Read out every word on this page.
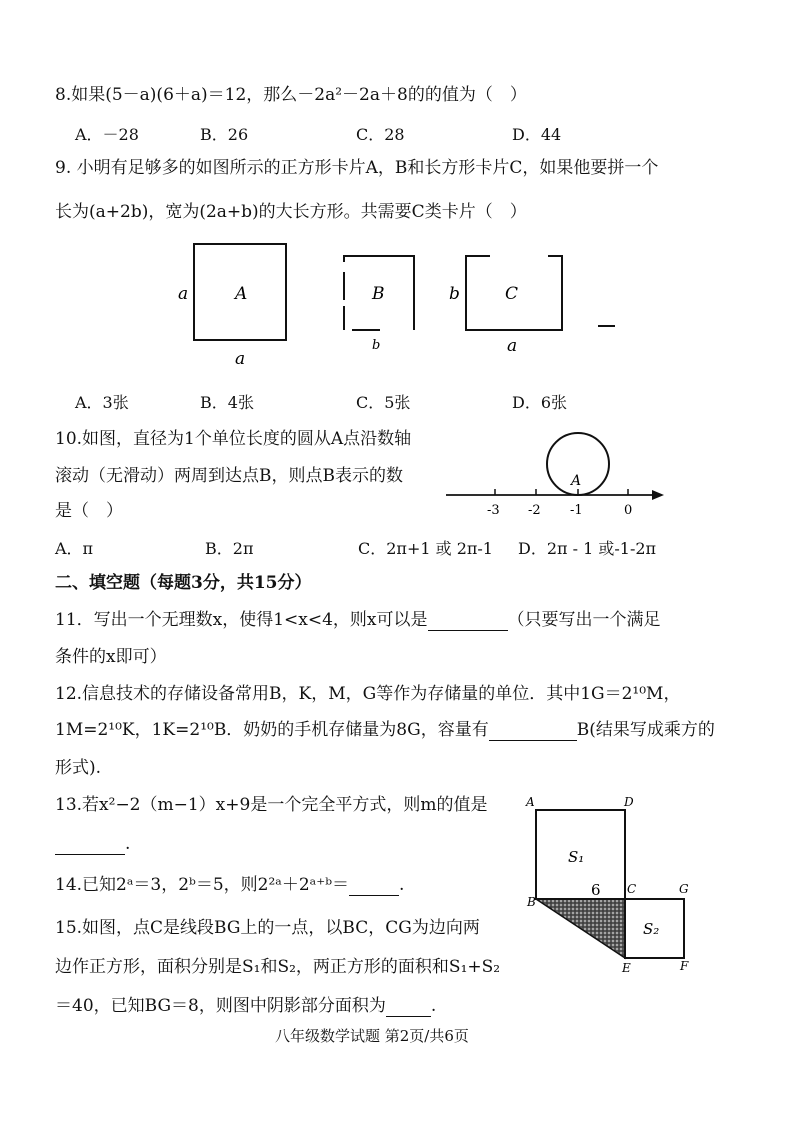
8.如果(5－a)(6＋a)＝12，那么－2a²－2a＋8的的值为（　）
A．－28	B．26	C．28	D．44
9. 小明有足够多的如图所示的正方形卡片A，B和长方形卡片C，如果他要拼一个
长为(a+2b)，宽为(2a+b)的大长方形。共需要C类卡片（　）
A
a
a
B
b
C
b
a
A．3张	B．4张	C．5张	D．6张
10.如图，直径为1个单位长度的圆从A点沿数轴
滚动（无滑动）两周到达点B，则点B表示的数
是（　）
A
-3 -2 -1	0
A．π	B．2π	C．2π+1 或 2π-1 D．2π - 1 或-1-2π
二、填空题（每题3分，共15分）
11．写出一个无理数x，使得1<x<4，则x可以是	（只要写出一个满足
条件的x即可）
12.信息技术的存储设备常用B，K，M，G等作为存储量的单位．其中1G＝2¹⁰M，
1M=2¹⁰K，1K=2¹⁰B．奶奶的手机存储量为8G，容量有	B(结果写成乘方的
形式).
13.若x²−2（m−1）x+9是一个完全平方式，则m的值是
.
14.已知2ᵃ＝3，2ᵇ＝5，则2²ᵃ＋2ᵃ⁺ᵇ＝	.
15.如图，点C是线段BG上的一点，以BC，CG为边向两
边作正方形，面积分别是S₁和S₂，两正方形的面积和S₁+S₂
＝40，已知BG＝8，则图中阴影部分面积为	.
A	D
S₁
6 C	G
B
S₂
E	F
八年级数学试题 第2页/共6页
